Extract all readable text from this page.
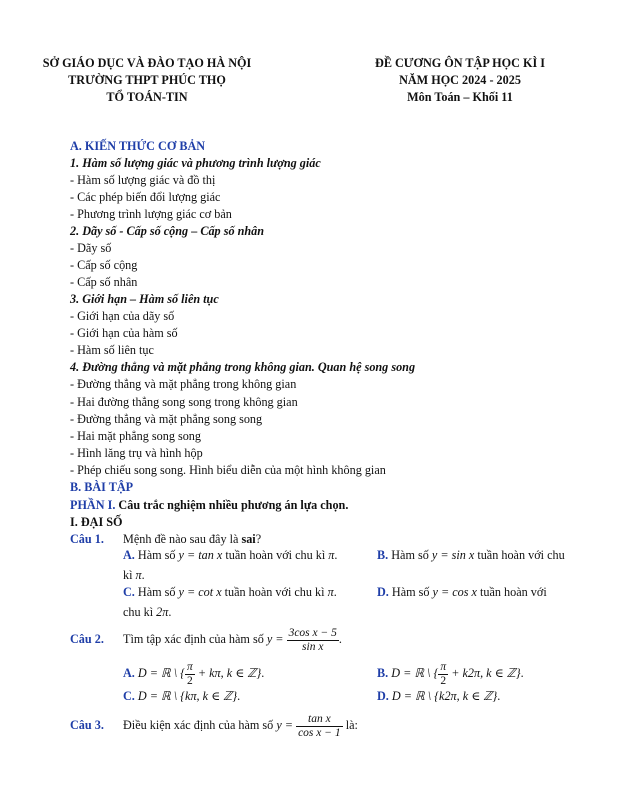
SỞ GIÁO DỤC VÀ ĐÀO TẠO HÀ NỘI
TRƯỜNG THPT PHÚC THỌ
TỔ TOÁN-TIN
ĐỀ CƯƠNG ÔN TẬP HỌC KÌ I
NĂM HỌC 2024 - 2025
Môn Toán – Khối 11
A. KIẾN THỨC CƠ BẢN
1. Hàm số lượng giác và phương trình lượng giác
- Hàm số lượng giác và đồ thị
- Các phép biến đổi lượng giác
- Phương trình lượng giác cơ bản
2. Dãy số - Cấp số cộng – Cấp số nhân
- Dãy số
- Cấp số cộng
- Cấp số nhân
3. Giới hạn – Hàm số liên tục
- Giới hạn của dãy số
- Giới hạn của hàm số
- Hàm số liên tục
4. Đường thẳng và mặt phẳng trong không gian. Quan hệ song song
- Đường thẳng và mặt phẳng trong không gian
- Hai đường thẳng song song trong không gian
- Đường thẳng và mặt phẳng song song
- Hai mặt phẳng song song
- Hình lăng trụ và hình hộp
- Phép chiếu song song. Hình biểu diễn của một hình không gian
B. BÀI TẬP
PHẦN I. Câu trắc nghiệm nhiều phương án lựa chọn.
I. ĐẠI SỐ
Câu 1. Mệnh đề nào sau đây là sai?
A. Hàm số y = tan x tuần hoàn với chu kì π.	B. Hàm số y = sin x tuần hoàn với chu
kì π.
C. Hàm số y = cot x tuần hoàn với chu kì π.	D. Hàm số y = cos x tuần hoàn với
chu kì 2π.
Câu 2. Tìm tập xác định của hàm số $y = \frac{\text{3cos x − 5}}{\text{sin x}}$ .
A. D = ℝ \ { $\frac{\pi}{2} + k\pi$, k ∈ ℤ}.	B. D = ℝ \ { $\frac{\pi}{2} + k2\pi$, k ∈ ℤ}.
C. D = ℝ \ {kπ, k ∈ ℤ}.	D. D = ℝ \ {k2π, k ∈ ℤ}.
Câu 3. Điều kiện xác định của hàm số $y = \frac{\text{tan x}}{\text{cos x − 1}}$ là:
